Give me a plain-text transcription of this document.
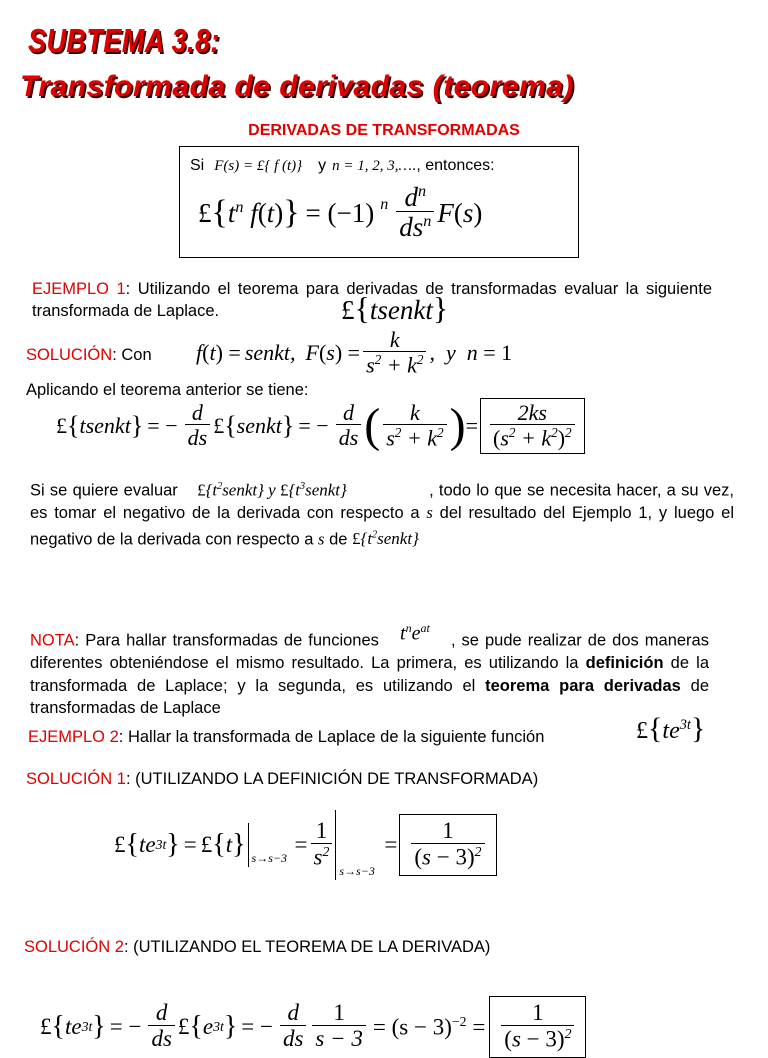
SUBTEMA 3.8:
Transformada de derivadas (teorema)
DERIVADAS DE TRANSFORMADAS
Si F(s) = £{ f (t)} y n = 1, 2, 3,… ., entonces:
£ { $t^n$ f ( t ) } = (−1) $^n \frac{d^n}{ds^n}$ F ( s )
EJEMPLO 1: Utilizando el teorema para derivadas de transformadas evaluar la siguiente transformada de Laplace.	£{tsenkt}
SOLUCIÓN : Con f ( t ) = senkt, F ( s ) = $\frac{k}{s^2 + k^2}$ ,  y  n = 1
Aplicando el teorema anterior se tiene:
£ { tsenkt } = − $\frac{d}{ds}$ £ { senkt } = − $\frac{d}{ds}$ ( $\frac{k}{s^2 + k^2}$ ) = $\frac{2ks}{(s^2 + k^2)^2}$
Si se quiere evaluar $£\{t^2senkt\}$ y $£\{t^3senkt\}$	, todo lo que se necesita hacer, a su vez, es tomar el negativo de la derivada con respecto a s del resultado del Ejemplo 1, y luego el negativo de la derivada con respecto a s de $£\{t^2senkt\}$
NOTA: Para hallar transformadas de funciones $t^ne^{at}$ , se pude realizar de dos maneras diferentes obteniéndose el mismo resultado. La primera, es utilizando la definición de la transformada de Laplace; y la segunda, es utilizando el teorema para derivadas de transformadas de Laplace
EJEMPLO 2 : Hallar la transformada de Laplace de la siguiente función	$£\{te^{3t}\}$
SOLUCIÓN 1: (UTILIZANDO LA DEFINICIÓN DE TRANSFORMADA)
£ { te 3t } = £ { t } s→s−3
= $\frac{1}{s^2} s\to s-3$
= $\frac{1}{(s - 3)^2}$
SOLUCIÓN 2: (UTILIZANDO EL TEOREMA DE LA DERIVADA)
£ { te 3t } = − $\frac{d}{ds}$ £ { e 3t } = − $\frac{d}{ds} \frac{1}{s - 3} = (s - 3)^{-2} = \frac{1}{(s - 3)^2}$
